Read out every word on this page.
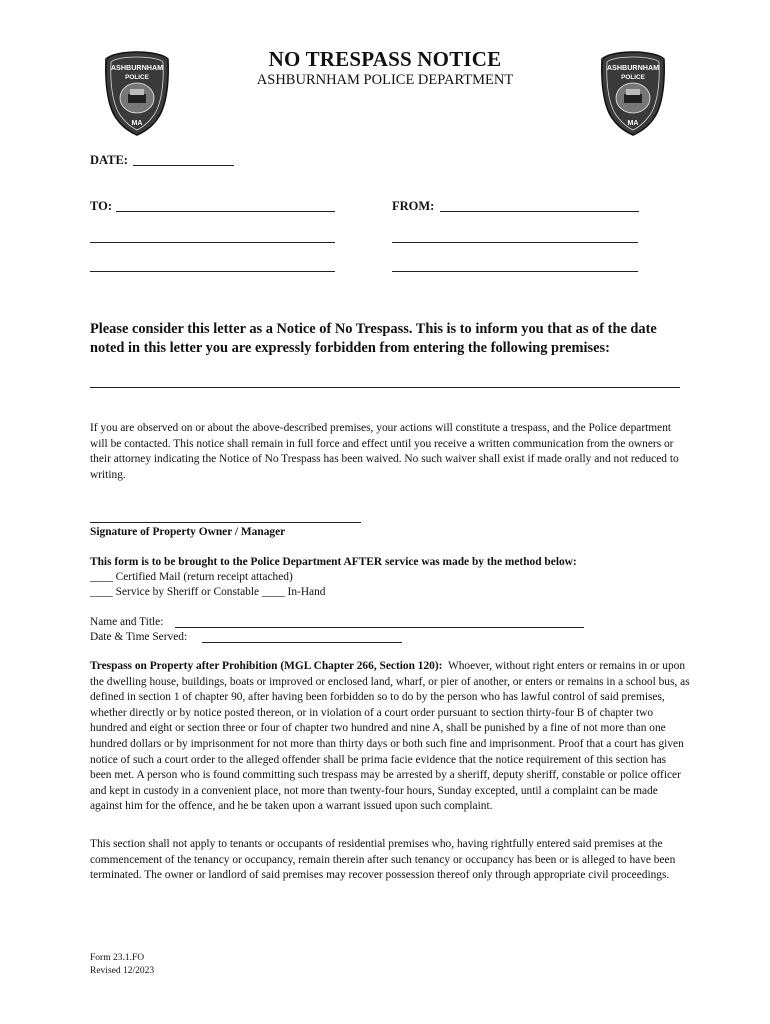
ASHBURNHAM
POLICE
MA
ASHBURNHAM
POLICE
MA
NO TRESPASS NOTICE
ASHBURNHAM POLICE DEPARTMENT
DATE:
TO:	FROM:
Please consider this letter as a Notice of No Trespass. This is to inform you that as of the date noted in this letter you are expressly forbidden from entering the following premises:
If you are observed on or about the above-described premises, your actions will constitute a trespass, and the Police department will be contacted. This notice shall remain in full force and effect until you receive a written communication from the owners or their attorney indicating the Notice of No Trespass has been waived. No such waiver shall exist if made orally and not reduced to writing.
Signature of Property Owner / Manager
This form is to be brought to the Police Department AFTER service was made by the method below:
____ Certified Mail (return receipt attached)
____ Service by Sheriff or Constable ____ In-Hand
Name and Title:
Date & Time Served:
Trespass on Property after Prohibition (MGL Chapter 266, Section 120): Whoever, without right enters or remains in or upon the dwelling house, buildings, boats or improved or enclosed land, wharf, or pier of another, or enters or remains in a school bus, as defined in section 1 of chapter 90, after having been forbidden so to do by the person who has lawful control of said premises, whether directly or by notice posted thereon, or in violation of a court order pursuant to section thirty-four B of chapter two hundred and eight or section three or four of chapter two hundred and nine A, shall be punished by a fine of not more than one hundred dollars or by imprisonment for not more than thirty days or both such fine and imprisonment. Proof that a court has given notice of such a court order to the alleged offender shall be prima facie evidence that the notice requirement of this section has been met. A person who is found committing such trespass may be arrested by a sheriff, deputy sheriff, constable or police officer and kept in custody in a convenient place, not more than twenty-four hours, Sunday excepted, until a complaint can be made against him for the offence, and he be taken upon a warrant issued upon such complaint.
This section shall not apply to tenants or occupants of residential premises who, having rightfully entered said premises at the commencement of the tenancy or occupancy, remain therein after such tenancy or occupancy has been or is alleged to have been terminated. The owner or landlord of said premises may recover possession thereof only through appropriate civil proceedings.
Form 23.1.FO
Revised 12/2023
